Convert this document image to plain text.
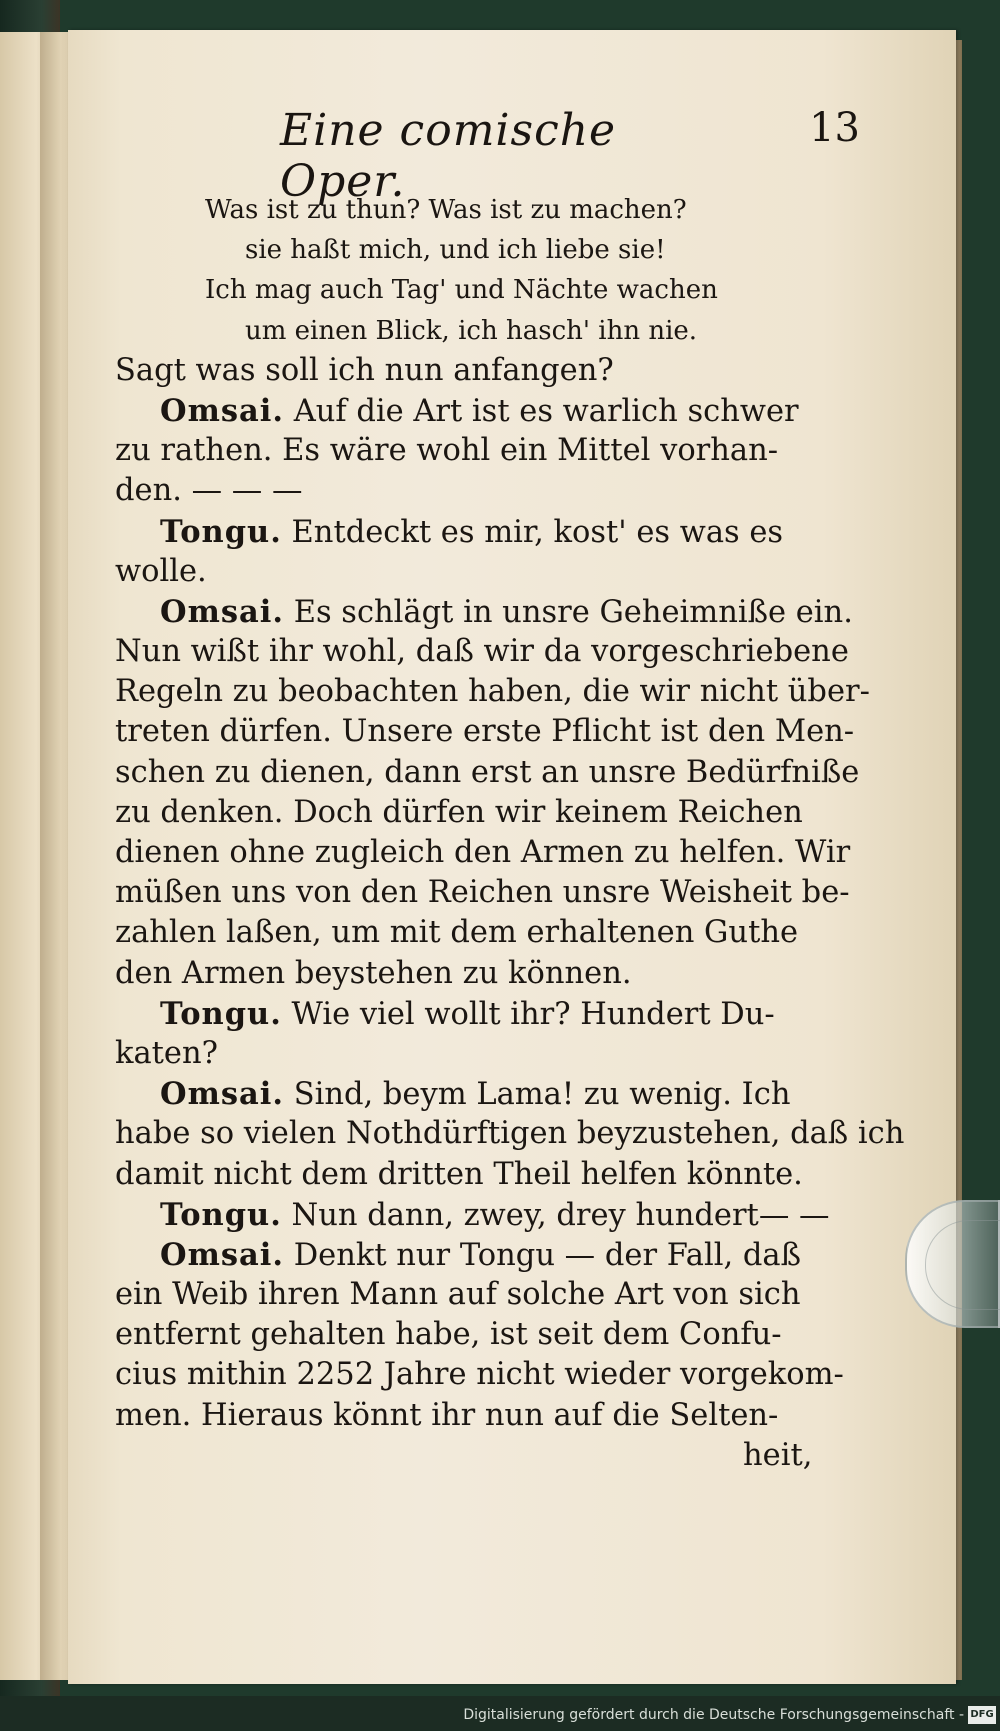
Eine comische Oper.
13
Was ist zu thun? Was ist zu machen?
sie haßt mich, und ich liebe sie!
Ich mag auch Tag' und Nächte wachen
um einen Blick, ich hasch' ihn nie.
Sagt was soll ich nun anfangen?
Omsai. Auf die Art ist es warlich schwer
zu rathen. Es wäre wohl ein Mittel vorhan-
den. — — —
Tongu. Entdeckt es mir, kost' es was es
wolle.
Omsai. Es schlägt in unsre Geheimniße ein.
Nun wißt ihr wohl, daß wir da vorgeschriebene
Regeln zu beobachten haben, die wir nicht über-
treten dürfen. Unsere erste Pflicht ist den Men-
schen zu dienen, dann erst an unsre Bedürfniße
zu denken. Doch dürfen wir keinem Reichen
dienen ohne zugleich den Armen zu helfen. Wir
müßen uns von den Reichen unsre Weisheit be-
zahlen laßen, um mit dem erhaltenen Guthe
den Armen beystehen zu können.
Tongu. Wie viel wollt ihr? Hundert Du-
katen?
Omsai. Sind, beym Lama! zu wenig. Ich
habe so vielen Nothdürftigen beyzustehen, daß ich
damit nicht dem dritten Theil helfen könnte.
Tongu. Nun dann, zwey, drey hundert— —
Omsai. Denkt nur Tongu — der Fall, daß
ein Weib ihren Mann auf solche Art von sich
entfernt gehalten habe, ist seit dem Confu-
cius mithin 2252 Jahre nicht wieder vorgekom-
men. Hieraus könnt ihr nun auf die Selten-
heit,
Digitalisierung gefördert durch die Deutsche Forschungsgemeinschaft - DFG
